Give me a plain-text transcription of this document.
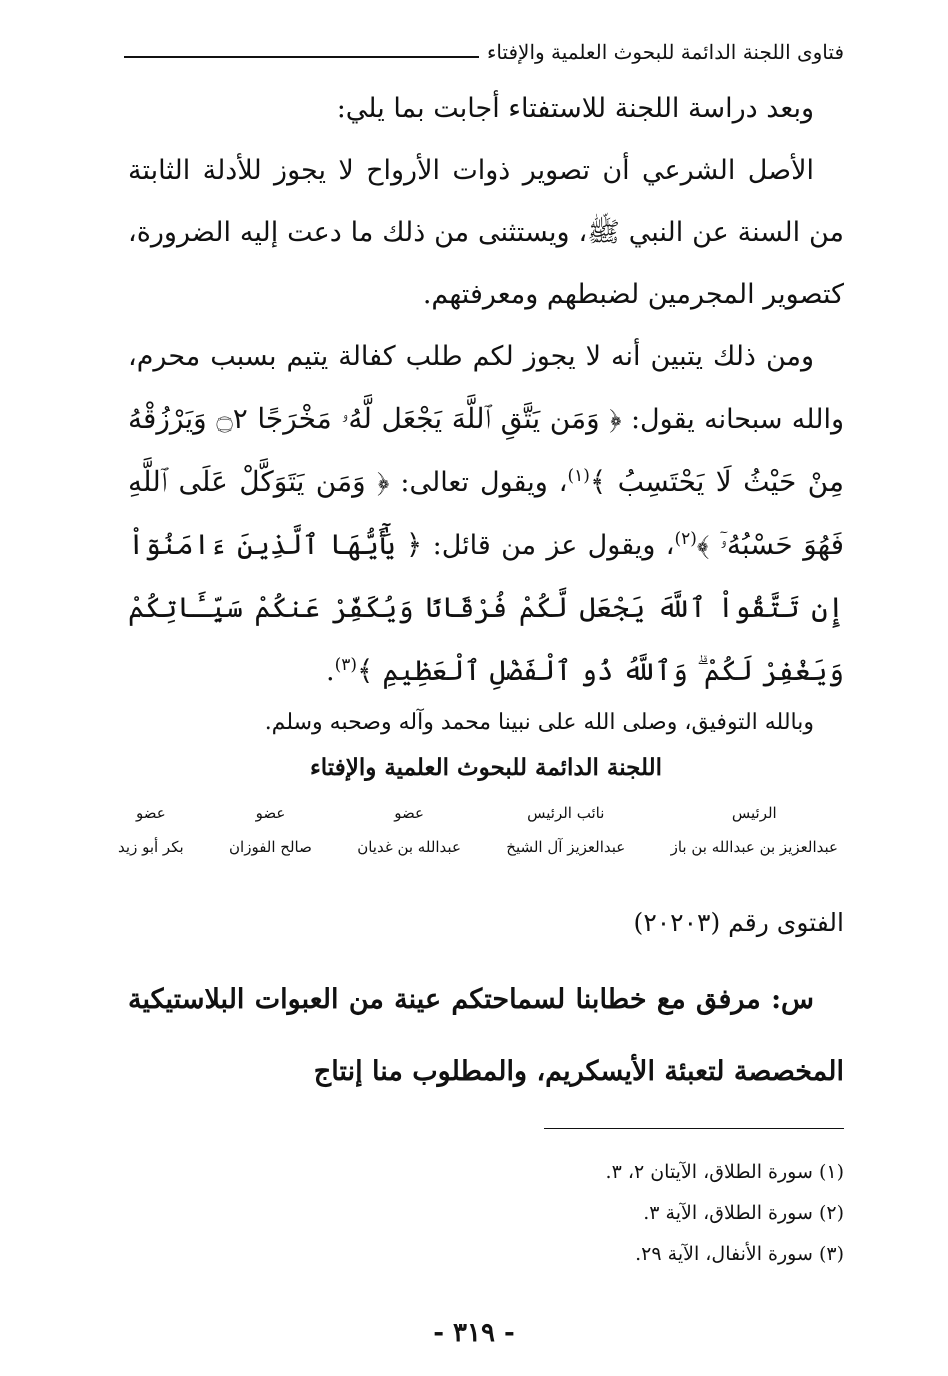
فتاوى اللجنة الدائمة للبحوث العلمية والإفتاء

وبعد دراسة اللجنة للاستفتاء أجابت بما يلي:

الأصل الشرعي أن تصوير ذوات الأرواح لا يجوز للأدلة الثابتة من السنة عن النبي ﷺ، ويستثنى من ذلك ما دعت إليه الضرورة، كتصوير المجرمين لضبطهم ومعرفتهم.

ومن ذلك يتبين أنه لا يجوز لكم طلب كفالة يتيم بسبب محرم، والله سبحانه يقول: ﴿ وَمَن يَتَّقِ ٱللَّهَ يَجْعَل لَّهُۥ مَخْرَجًا ۝٢ وَيَرْزُقْهُ مِنْ حَيْثُ لَا يَحْتَسِبُ ﴾$^{(١)}$، ويقول تعالى: ﴿ وَمَن يَتَوَكَّلْ عَلَى ٱللَّهِ فَهُوَ حَسْبُهُۥٓ ﴾$^{(٢)}$، ويقول عز من قائل: ﴿ يَٰٓأَيُّهَا ٱلَّذِينَ ءَامَنُوٓاْ إِن تَتَّقُواْ ٱللَّهَ يَجْعَل لَّكُمْ فُرْقَانًا وَيُكَفِّرْ عَنكُمْ سَيِّـَٔاتِكُمْ وَيَغْفِرْ لَكُمْ ۗ وَٱللَّهُ ذُو ٱلْفَضْلِ ٱلْعَظِيمِ ﴾$^{(٣)}$.

وبالله التوفيق، وصلى الله على نبينا محمد وآله وصحبه وسلم.

اللجنة الدائمة للبحوث العلمية والإفتاء
الرئيس
عبدالعزيز بن عبدالله بن باز
نائب الرئيس
عبدالعزيز آل الشيخ
عضو
عبدالله بن غديان
عضو
صالح الفوزان
عضو
بكر أبو زيد
الفتوى رقم (٢٠٢٠٣)

س: مرفق مع خطابنا لسماحتكم عينة من العبوات البلاستيكية المخصصة لتعبئة الأيسكريم، والمطلوب منا إنتاج

(١) سورة الطلاق، الآيتان ٢، ٣.
(٢) سورة الطلاق، الآية ٣.
(٣) سورة الأنفال، الآية ٢٩.
- ٣١٩ -
